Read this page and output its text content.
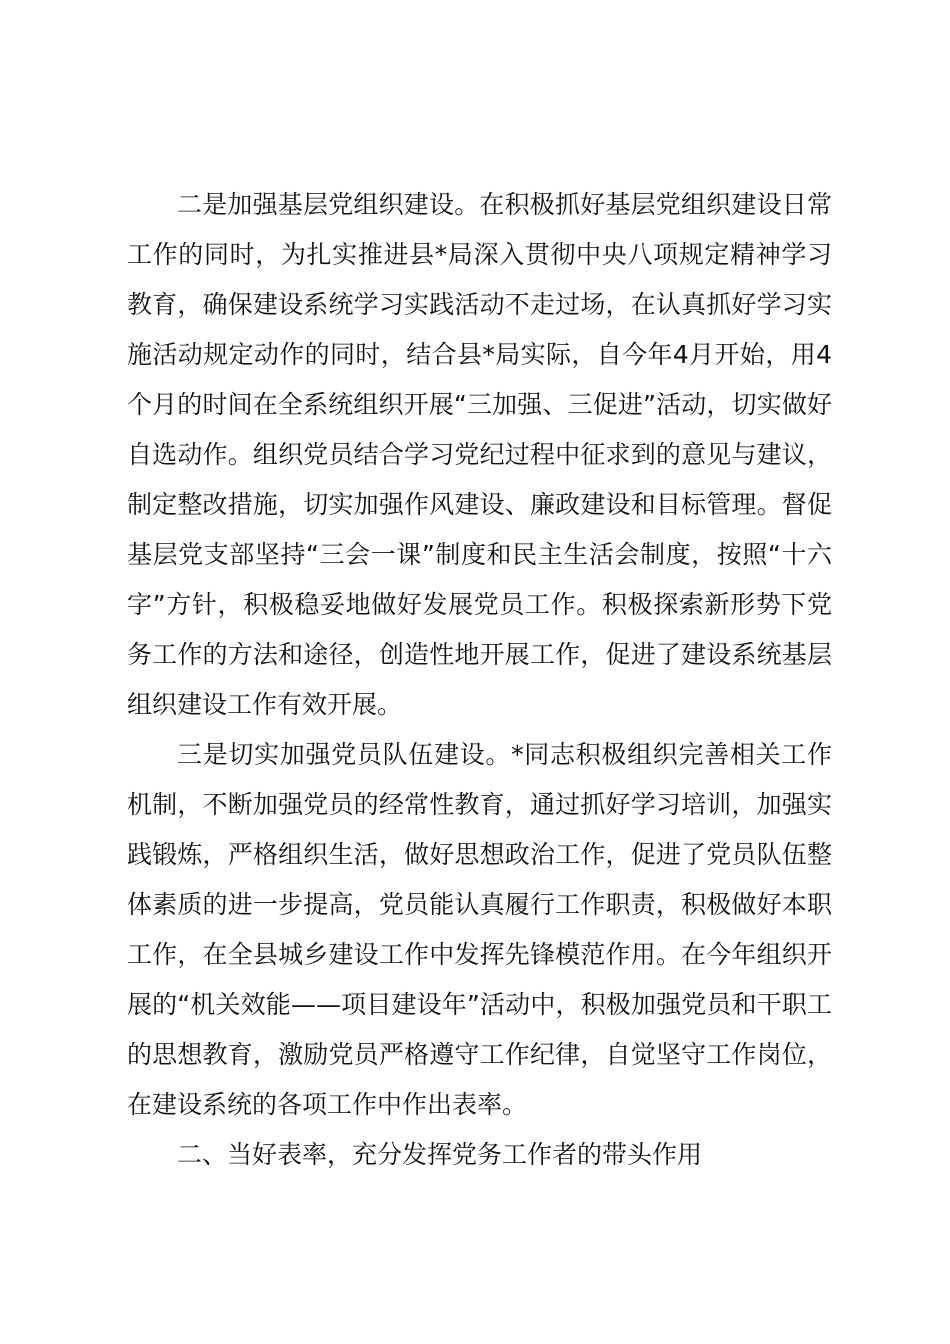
二是加强基层党组织建设。在积极抓好基层党组织建设日常工作的同时，为扎实推进县*局深入贯彻中央八项规定精神学习教育，确保建设系统学习实践活动不走过场，在认真抓好学习实施活动规定动作的同时，结合县*局实际，自今年4月开始，用4个月的时间在全系统组织开展“三加强、三促进”活动，切实做好自选动作。组织党员结合学习党纪过程中征求到的意见与建议，制定整改措施，切实加强作风建设、廉政建设和目标管理。督促基层党支部坚持“三会一课”制度和民主生活会制度，按照“十六字”方针，积极稳妥地做好发展党员工作。积极探索新形势下党务工作的方法和途径，创造性地开展工作，促进了建设系统基层组织建设工作有效开展。

三是切实加强党员队伍建设。*同志积极组织完善相关工作机制，不断加强党员的经常性教育，通过抓好学习培训，加强实践锻炼，严格组织生活，做好思想政治工作，促进了党员队伍整体素质的进一步提高，党员能认真履行工作职责，积极做好本职工作，在全县城乡建设工作中发挥先锋模范作用。在今年组织开展的“机关效能——项目建设年”活动中，积极加强党员和干职工的思想教育，激励党员严格遵守工作纪律，自觉坚守工作岗位，在建设系统的各项工作中作出表率。

二、当好表率，充分发挥党务工作者的带头作用
